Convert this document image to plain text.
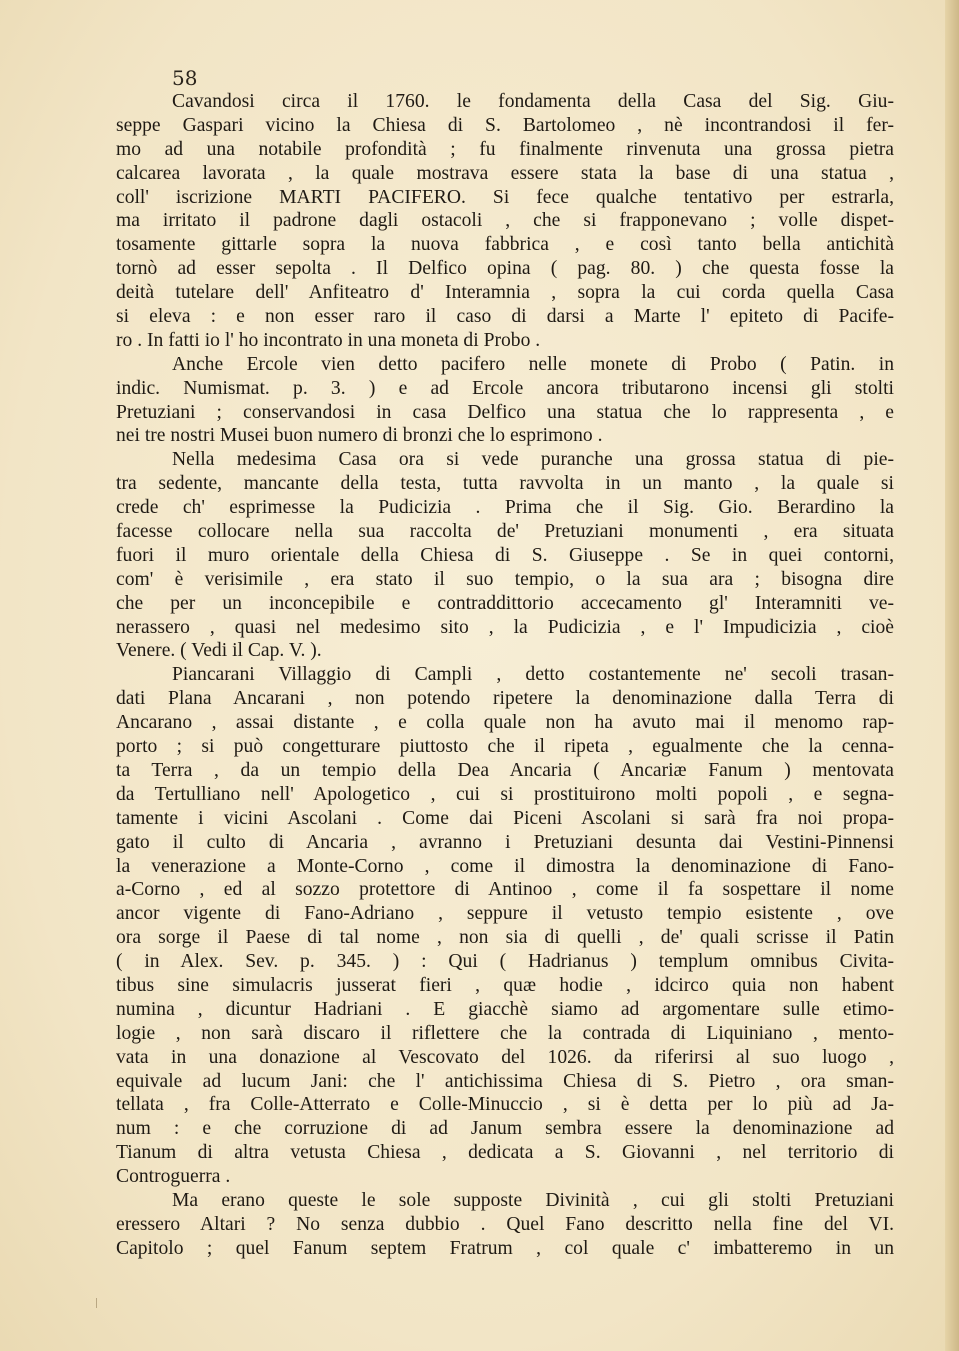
58
Cavandosi circa il 1760. le fondamenta della Casa del Sig. Giu-
seppe Gaspari vicino la Chiesa di S. Bartolomeo , nè incontrandosi il fer-
mo ad una notabile profondità ; fu finalmente rinvenuta una grossa pietra
calcarea lavorata , la quale mostrava essere stata la base di una statua ,
coll' iscrizione MARTI PACIFERO. Si fece qualche tentativo per estrarla,
ma irritato il padrone dagli ostacoli , che si frapponevano ; volle dispet-
tosamente gittarle sopra la nuova fabbrica , e così tanto bella antichità
tornò ad esser sepolta . Il Delfico opina ( pag. 80. ) che questa fosse la
deità tutelare dell' Anfiteatro d' Interamnia , sopra la cui corda quella Casa
si eleva : e non esser raro il caso di darsi a Marte l' epiteto di Pacife-
ro . In fatti io l' ho incontrato in una moneta di Probo .
Anche Ercole vien detto pacifero nelle monete di Probo ( Patin. in
indic. Numismat. p. 3. ) e ad Ercole ancora tributarono incensi gli stolti
Pretuziani ; conservandosi in casa Delfico una statua che lo rappresenta , e
nei tre nostri Musei buon numero di bronzi che lo esprimono .
Nella medesima Casa ora si vede puranche una grossa statua di pie-
tra sedente, mancante della testa, tutta ravvolta in un manto , la quale si
crede ch' esprimesse la Pudicizia . Prima che il Sig. Gio. Berardino la
facesse collocare nella sua raccolta de' Pretuziani monumenti , era situata
fuori il muro orientale della Chiesa di S. Giuseppe . Se in quei contorni,
com' è verisimile , era stato il suo tempio, o la sua ara ; bisogna dire
che per un inconcepibile e contraddittorio accecamento gl' Interamniti ve-
nerassero , quasi nel medesimo sito , la Pudicizia , e l' Impudicizia , cioè
Venere. ( Vedi il Cap. V. ).
Piancarani Villaggio di Campli , detto costantemente ne' secoli trasan-
dati Plana Ancarani , non potendo ripetere la denominazione dalla Terra di
Ancarano , assai distante , e colla quale non ha avuto mai il menomo rap-
porto ; si può congetturare piuttosto che il ripeta , egualmente che la cenna-
ta Terra , da un tempio della Dea Ancaria ( Ancariæ Fanum ) mentovata
da Tertulliano nell' Apologetico , cui si prostituirono molti popoli , e segna-
tamente i vicini Ascolani . Come dai Piceni Ascolani si sarà fra noi propa-
gato il culto di Ancaria , avranno i Pretuziani desunta dai Vestini-Pinnensi
la venerazione a Monte-Corno , come il dimostra la denominazione di Fano-
a-Corno , ed al sozzo protettore di Antinoo , come il fa sospettare il nome
ancor vigente di Fano-Adriano , seppure il vetusto tempio esistente , ove
ora sorge il Paese di tal nome , non sia di quelli , de' quali scrisse il Patin
( in Alex. Sev. p. 345. ) : Qui ( Hadrianus ) templum omnibus Civita-
tibus sine simulacris jusserat fieri , quæ hodie , idcirco quia non habent
numina , dicuntur Hadriani . E giacchè siamo ad argomentare sulle etimo-
logie , non sarà discaro il riflettere che la contrada di Liquiniano , mento-
vata in una donazione al Vescovato del 1026. da riferirsi al suo luogo ,
equivale ad lucum Jani: che l' antichissima Chiesa di S. Pietro , ora sman-
tellata , fra Colle-Atterrato e Colle-Minuccio , si è detta per lo più ad Ja-
num : e che corruzione di ad Janum sembra essere la denominazione ad
Tianum di altra vetusta Chiesa , dedicata a S. Giovanni , nel territorio di
Controguerra .
Ma erano queste le sole supposte Divinità , cui gli stolti Pretuziani
eressero Altari ? No senza dubbio . Quel Fano descritto nella fine del VI.
Capitolo ; quel Fanum septem Fratrum , col quale c' imbatteremo in un
